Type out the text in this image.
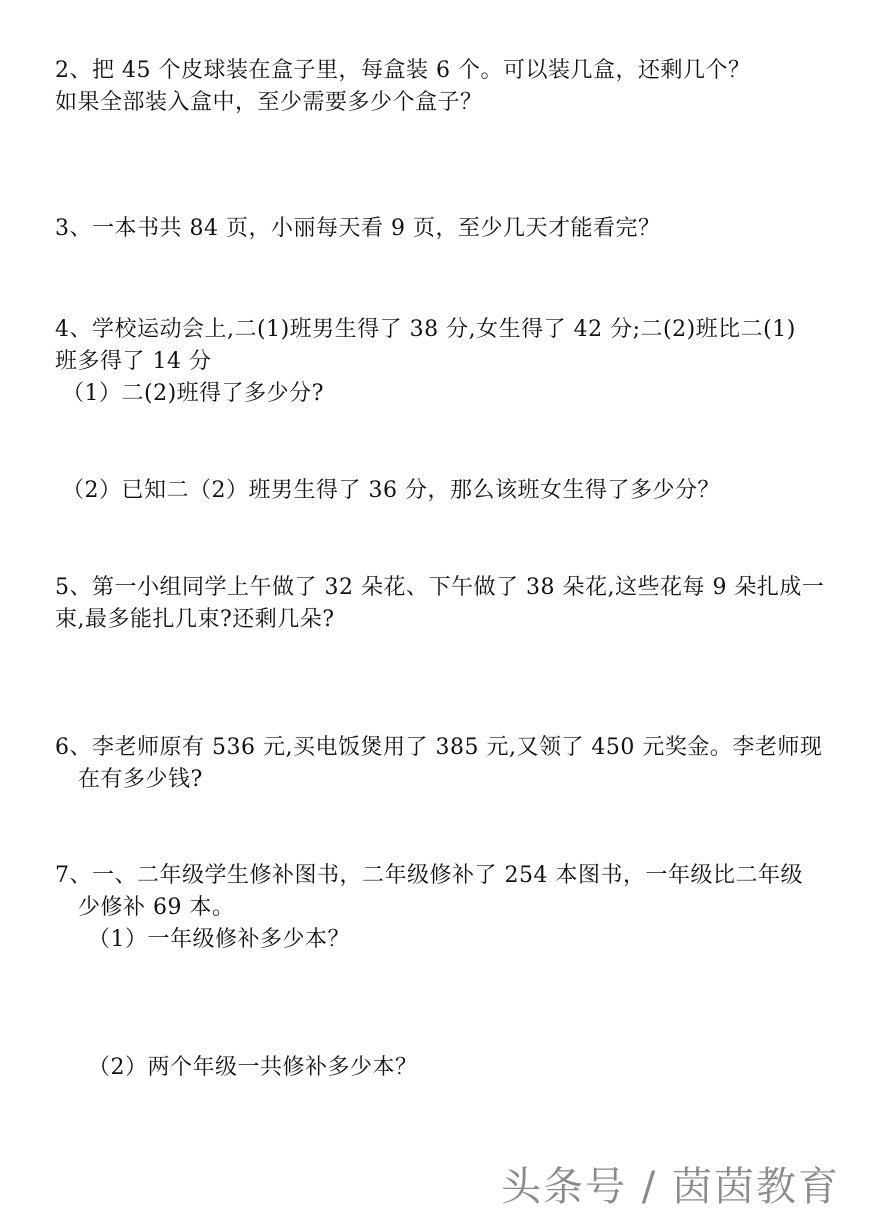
2、把 45 个皮球装在盒子里，每盒装 6 个。可以装几盒，还剩几个？
如果全部装入盒中，至少需要多少个盒子？
3、一本书共 84 页，小丽每天看 9 页，至少几天才能看完？
4、学校运动会上,二(1)班男生得了 38 分,女生得了 42 分;二(2)班比二(1)
班多得了 14 分
（1）二(2)班得了多少分?
（2）已知二（2）班男生得了 36 分，那么该班女生得了多少分？
5、第一小组同学上午做了 32 朵花、下午做了 38 朵花,这些花每 9 朵扎成一
束,最多能扎几束?还剩几朵?
6、李老师原有 536 元,买电饭煲用了 385 元,又领了 450 元奖金。李老师现
在有多少钱?
7、一、二年级学生修补图书，二年级修补了 254 本图书，一年级比二年级
少修补 69 本。
（1）一年级修补多少本？
（2）两个年级一共修补多少本？
头条号 / 茵茵教育
